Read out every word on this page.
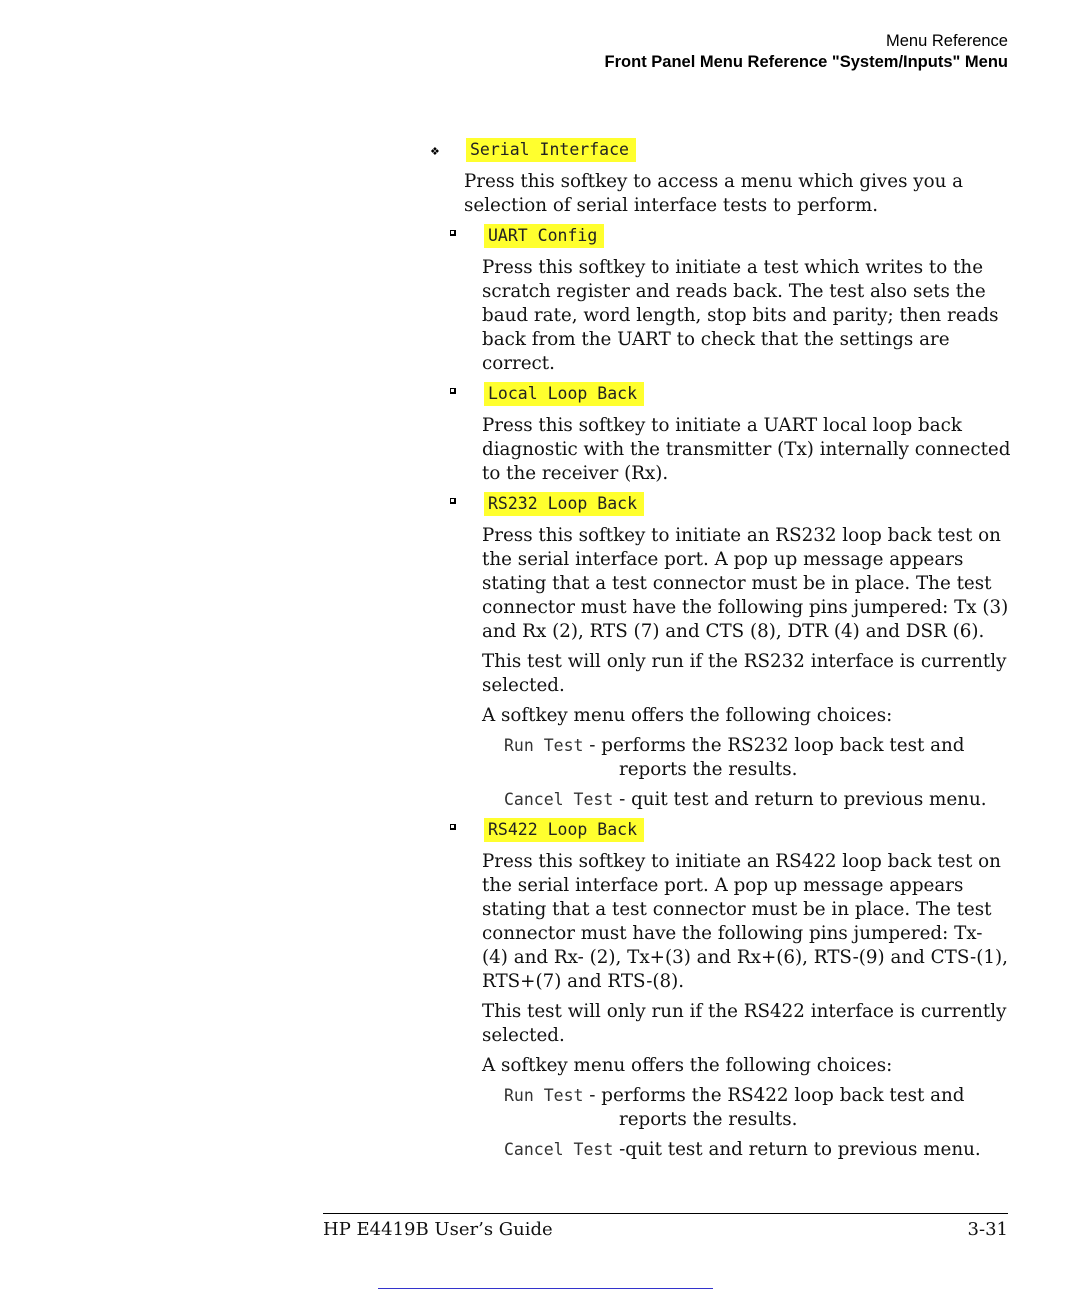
Menu Reference
Front Panel Menu Reference "System/Inputs" Menu
❖ Serial Interface

Press this softkey to access a menu which gives you a selection of serial interface tests to perform.

UART Config

Press this softkey to initiate a test which writes to the scratch register and reads back. The test also sets the baud rate, word length, stop bits and parity; then reads back from the UART to check that the settings are correct.

Local Loop Back

Press this softkey to initiate a UART local loop back diagnostic with the transmitter (Tx) internally connected to the receiver (Rx).

RS232 Loop Back

Press this softkey to initiate an RS232 loop back test on the serial interface port. A pop up message appears stating that a test connector must be in place. The test connector must have the following pins jumpered: Tx (3) and Rx (2), RTS (7) and CTS (8), DTR (4) and DSR (6).

This test will only run if the RS232 interface is currently selected.

A softkey menu offers the following choices:

Run Test - performs the RS232 loop back test and reports the results.
Cancel Test - quit test and return to previous menu.
RS422 Loop Back

Press this softkey to initiate an RS422 loop back test on the serial interface port. A pop up message appears stating that a test connector must be in place. The test connector must have the following pins jumpered: Tx- (4) and Rx- (2), Tx+(3) and Rx+(6), RTS-(9) and CTS-(1), RTS+(7) and RTS-(8).

This test will only run if the RS422 interface is currently selected.

A softkey menu offers the following choices:

Run Test - performs the RS422 loop back test and reports the results.
Cancel Test -quit test and return to previous menu.
HP E4419B User’s Guide	3-31
